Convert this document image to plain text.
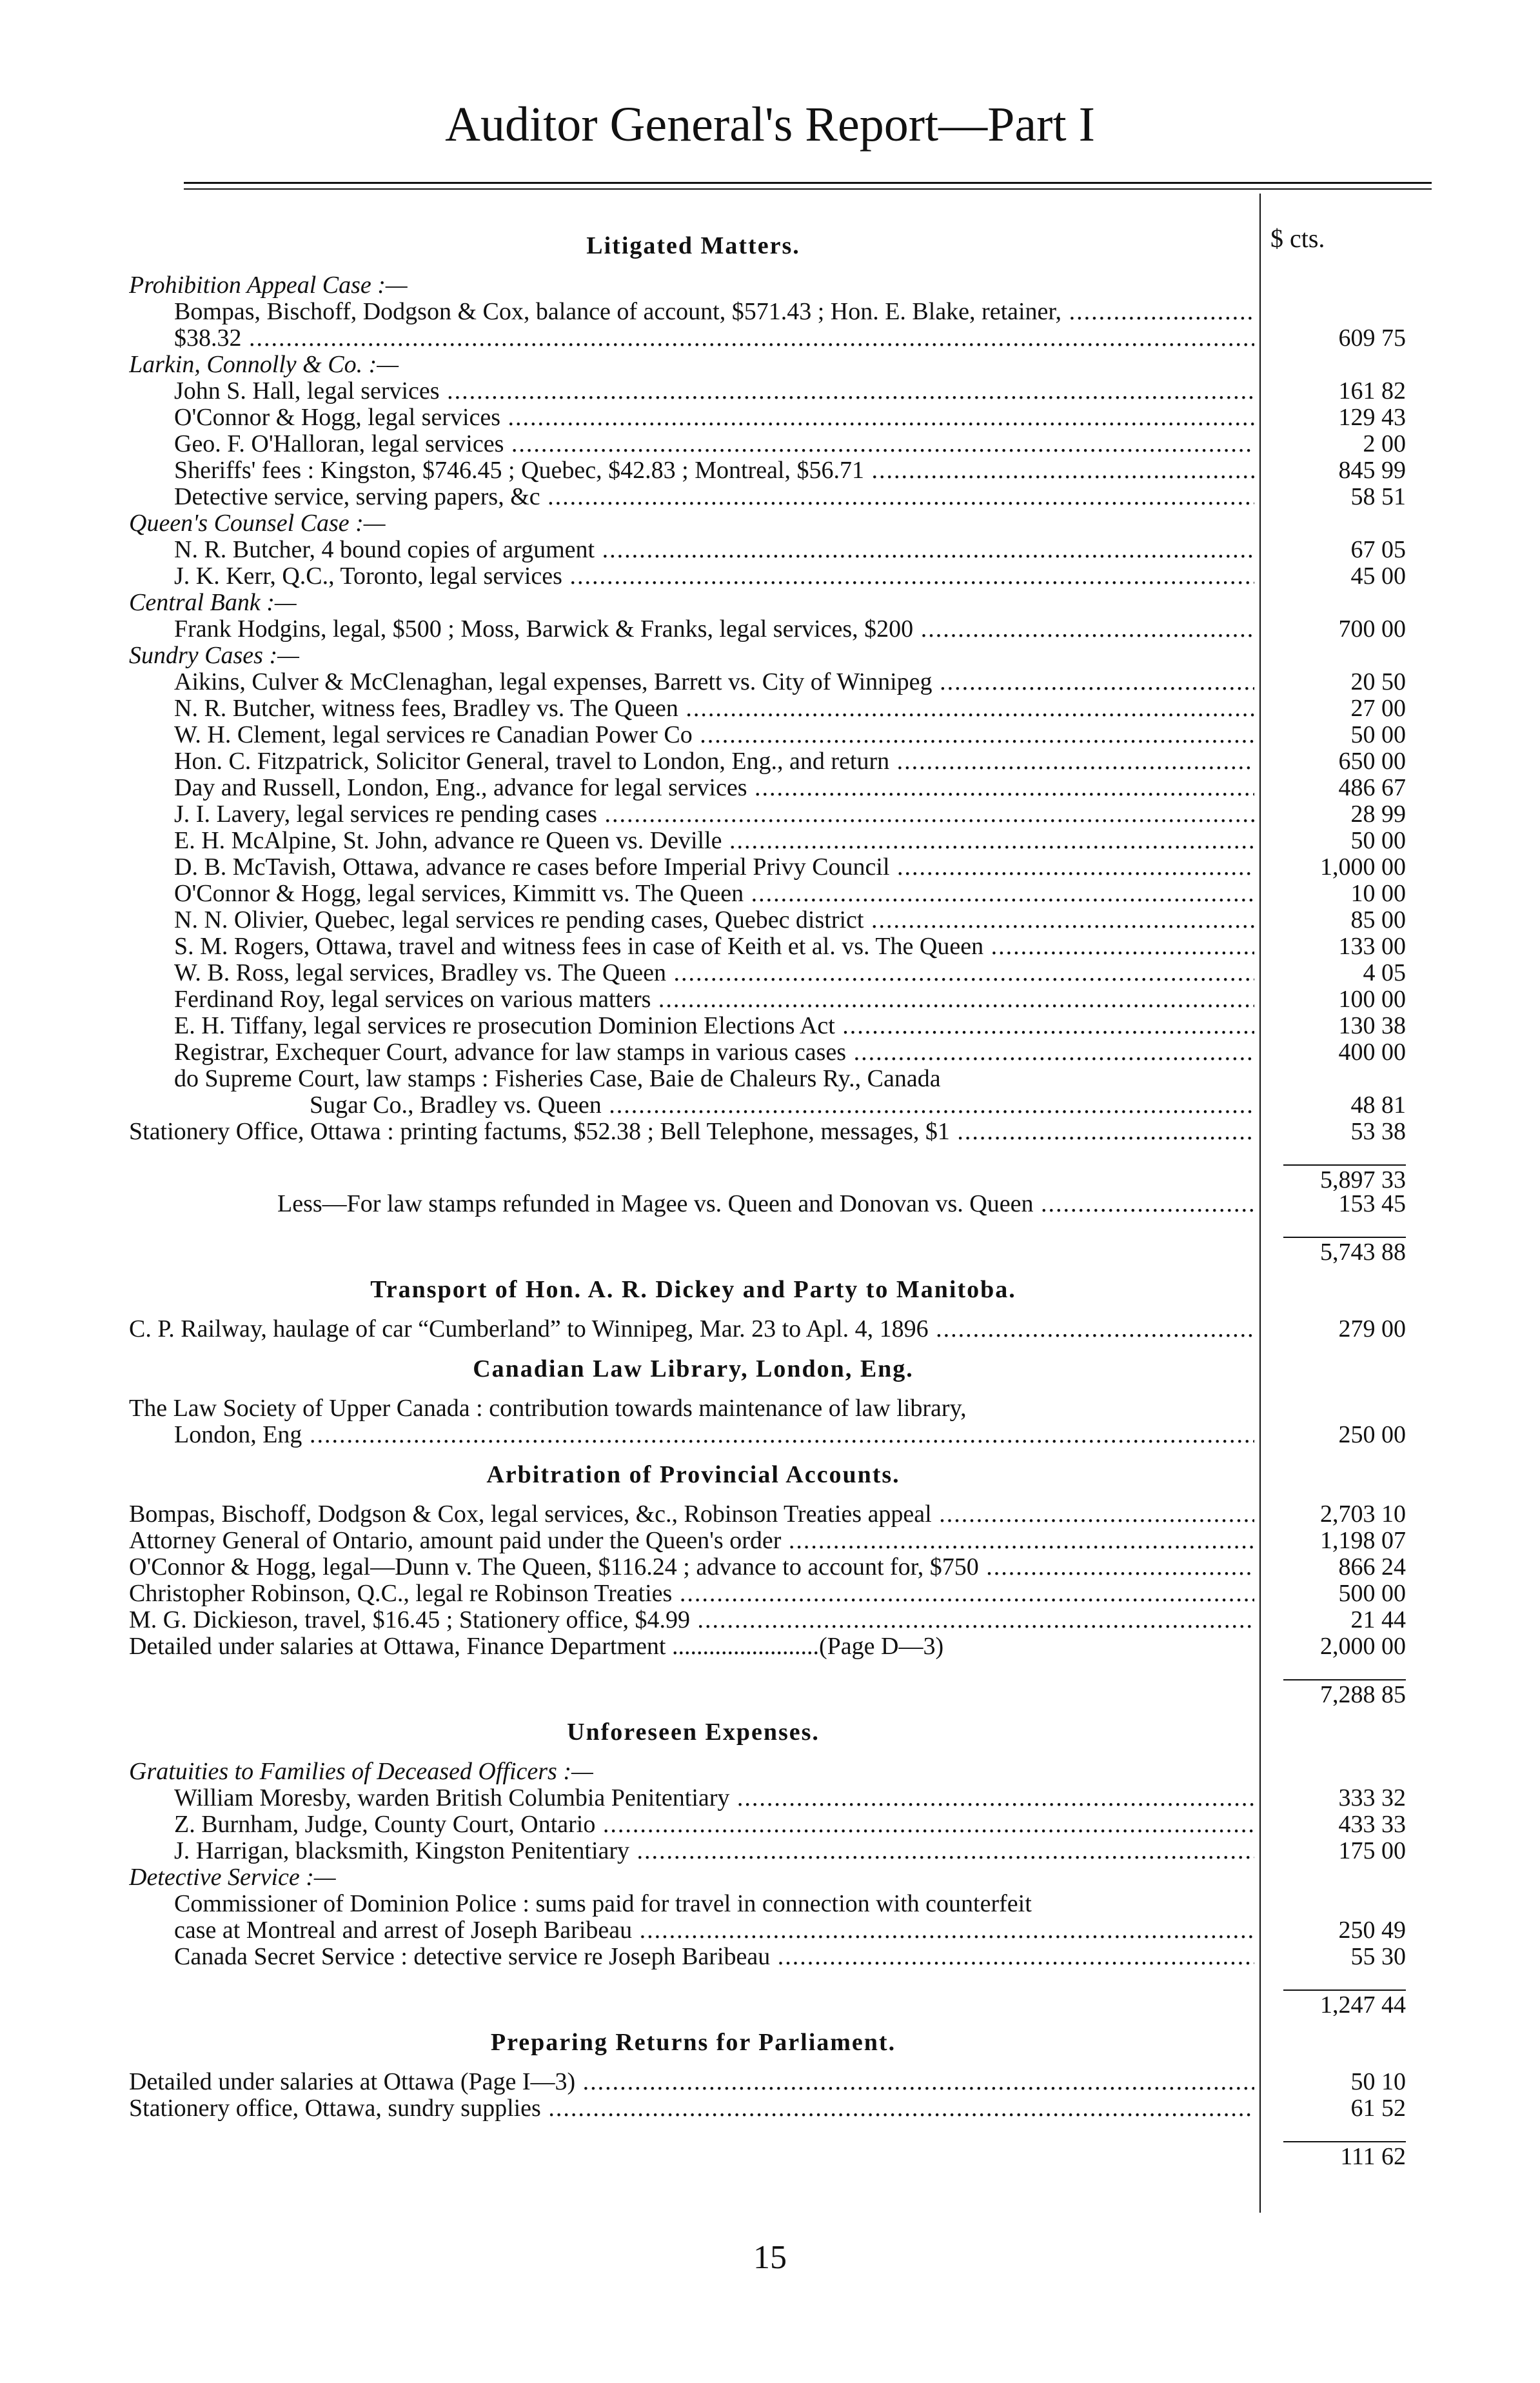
Auditor General's Report—Part I
$ cts.
Litigated Matters.
Prohibition Appeal Case :—
Bompas, Bischoff, Dodgson & Cox, balance of account, $571.43 ; Hon. E. Blake, retainer, .....
$38.32 .....	609 75
Larkin, Connolly & Co. :—
John S. Hall, legal services .....	161 82
O'Connor & Hogg, legal services .....	129 43
Geo. F. O'Halloran, legal services .....	2 00
Sheriffs' fees : Kingston, $746.45 ; Quebec, $42.83 ; Montreal, $56.71 .....	845 99
Detective service, serving papers, &c .....	58 51
Queen's Counsel Case :—
N. R. Butcher, 4 bound copies of argument .....	67 05
J. K. Kerr, Q.C., Toronto, legal services .....	45 00
Central Bank :—
Frank Hodgins, legal, $500 ; Moss, Barwick & Franks, legal services, $200 .....	700 00
Sundry Cases :—
Aikins, Culver & McClenaghan, legal expenses, Barrett vs. City of Winnipeg .....	20 50
N. R. Butcher, witness fees, Bradley vs. The Queen .....	27 00
W. H. Clement, legal services re Canadian Power Co .....	50 00
Hon. C. Fitzpatrick, Solicitor General, travel to London, Eng., and return .....	650 00
Day and Russell, London, Eng., advance for legal services .....	486 67
J. I. Lavery, legal services re pending cases .....	28 99
E. H. McAlpine, St. John, advance re Queen vs. Deville .....	50 00
D. B. McTavish, Ottawa, advance re cases before Imperial Privy Council .....	1,000 00
O'Connor & Hogg, legal services, Kimmitt vs. The Queen .....	10 00
N. N. Olivier, Quebec, legal services re pending cases, Quebec district .....	85 00
S. M. Rogers, Ottawa, travel and witness fees in case of Keith et al. vs. The Queen .....	133 00
W. B. Ross, legal services, Bradley vs. The Queen .....	4 05
Ferdinand Roy, legal services on various matters .....	100 00
E. H. Tiffany, legal services re prosecution Dominion Elections Act .....	130 38
Registrar, Exchequer Court, advance for law stamps in various cases .....	400 00
do Supreme Court, law stamps : Fisheries Case, Baie de Chaleurs Ry., Canada
Sugar Co., Bradley vs. Queen .....	48 81
Stationery Office, Ottawa : printing factums, $52.38 ; Bell Telephone, messages, $1 .....	53 38
5,897 33
Less—For law stamps refunded in Magee vs. Queen and Donovan vs. Queen .....	153 45
5,743 88
Transport of Hon. A. R. Dickey and Party to Manitoba.
C. P. Railway, haulage of car “Cumberland” to Winnipeg, Mar. 23 to Apl. 4, 1896 .....	279 00
Canadian Law Library, London, Eng.
The Law Society of Upper Canada : contribution towards maintenance of law library,
London, Eng .....	250 00
Arbitration of Provincial Accounts.
Bompas, Bischoff, Dodgson & Cox, legal services, &c., Robinson Treaties appeal .....	2,703 10
Attorney General of Ontario, amount paid under the Queen's order .....	1,198 07
O'Connor & Hogg, legal—Dunn v. The Queen, $116.24 ; advance to account for, $750 .....	866 24
Christopher Robinson, Q.C., legal re Robinson Treaties .....	500 00
M. G. Dickieson, travel, $16.45 ; Stationery office, $4.99 .....	21 44
Detailed under salaries at Ottawa, Finance Department ........................(Page D—3)	2,000 00
7,288 85
Unforeseen Expenses.
Gratuities to Families of Deceased Officers :—
William Moresby, warden British Columbia Penitentiary .....	333 32
Z. Burnham, Judge, County Court, Ontario .....	433 33
J. Harrigan, blacksmith, Kingston Penitentiary .....	175 00
Detective Service :—
Commissioner of Dominion Police : sums paid for travel in connection with counterfeit
case at Montreal and arrest of Joseph Baribeau .....	250 49
Canada Secret Service : detective service re Joseph Baribeau .....	55 30
1,247 44
Preparing Returns for Parliament.
Detailed under salaries at Ottawa (Page I—3) .....	50 10
Stationery office, Ottawa, sundry supplies .....	61 52
111 62
15
